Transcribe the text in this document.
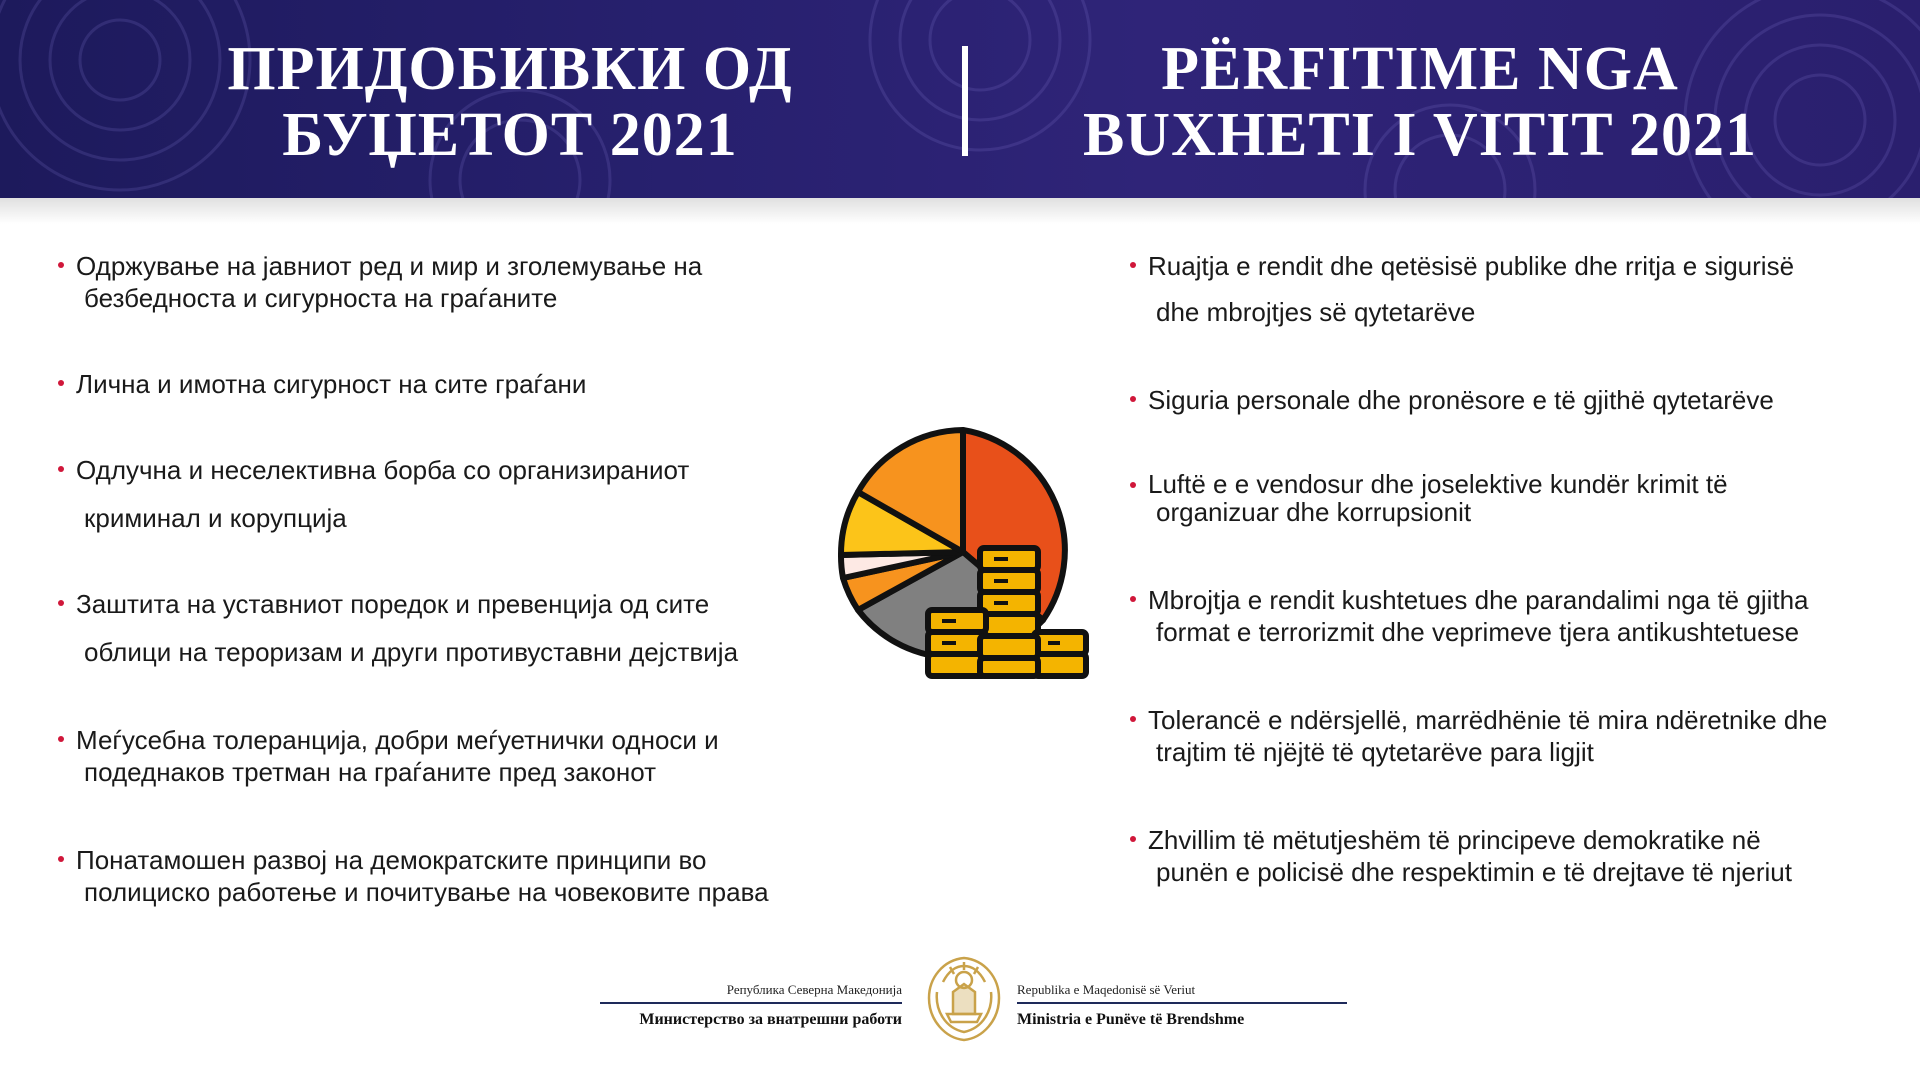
ПРИДОБИВКИ ОД
БУЏЕТОТ 2021
PËRFITIME NGA
BUXHETI I VITIT 2021
Одржување на јавниот ред и мир и зголемување на
безбедноста и сигурноста на граѓаните
Лична и имотна сигурност на сите граѓани
Одлучна и неселективна борба со организираниот
криминал и корупција
Заштита на уставниот поредок и превенција од сите
облици на тероризам и други противуставни дејствија
Меѓусебна толеранција, добри меѓуетнички односи и
подеднаков третман на граѓаните пред законот
Понатамошен развој на демократските принципи во
полициско работење и почитување на човековите права
Ruajtja e rendit dhe qetësisë publike dhe rritja e sigurisë
dhe mbrojtjes së qytetarëve
Siguria personale dhe pronësore e të gjithë qytetarëve
Luftë e e vendosur dhe joselektive kundër krimit të
organizuar dhe korrupsionit
Mbrojtja e rendit kushtetues dhe parandalimi nga të gjitha
format e terrorizmit dhe veprimeve tjera antikushtetuese
Tolerancë e ndërsjellë, marrëdhënie të mira ndëretnike dhe
trajtim të njëjtë të qytetarëve para ligjit
Zhvillim të mëtutjeshëm të principeve demokratike në
punën e policisë dhe respektimin e të drejtave të njeriut
Република Северна Македонија
Министерство за внатрешни работи
Republika e Maqedonisë së Veriut
Ministria e Punëve të Brendshme
